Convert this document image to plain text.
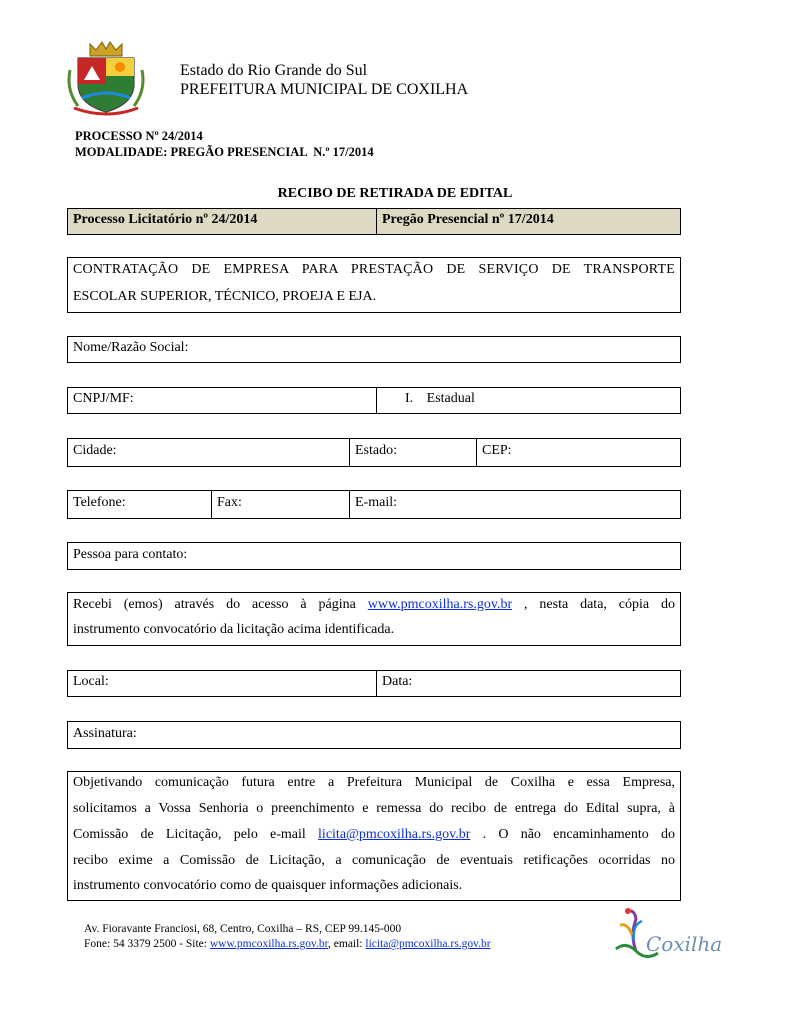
Estado do Rio Grande do Sul
PREFEITURA MUNICIPAL DE COXILHA
PROCESSO Nº 24/2014
MODALIDADE: PREGÃO PRESENCIAL  N.º 17/2014
RECIBO DE RETIRADA DE EDITAL
Processo Licitatório nº 24/2014	Pregão Presencial nº 17/2014
CONTRATAÇÃO DE EMPRESA PARA PRESTAÇÃO DE SERVIÇO DE TRANSPORTE
ESCOLAR SUPERIOR, TÉCNICO, PROEJA E EJA.
Nome/Razão Social:
CNPJ/MF:	I. Estadual
Cidade:	Estado:	CEP:
Telefone:	Fax:	E-mail:
Pessoa para contato:
Recebi (emos) através do acesso à página www.pmcoxilha.rs.gov.br , nesta data, cópia do
instrumento convocatório da licitação acima identificada.
Local:	Data:
Assinatura:
Objetivando comunicação futura entre a Prefeitura Municipal de Coxilha e essa Empresa,
solicitamos a Vossa Senhoria o preenchimento e remessa do recibo de entrega do Edital supra, à
Comissão de Licitação, pelo e-mail licita@pmcoxilha.rs.gov.br . O não encaminhamento do
recibo exime a Comissão de Licitação, a comunicação de eventuais retificações ocorridas no
instrumento convocatório como de quaisquer informações adicionais.
Av. Fioravante Franciosi, 68, Centro, Coxilha – RS, CEP 99.145-000
Fone: 54 3379 2500 - Site: www.pmcoxilha.rs.gov.br, email: licita@pmcoxilha.rs.gov.br	Coxilha
